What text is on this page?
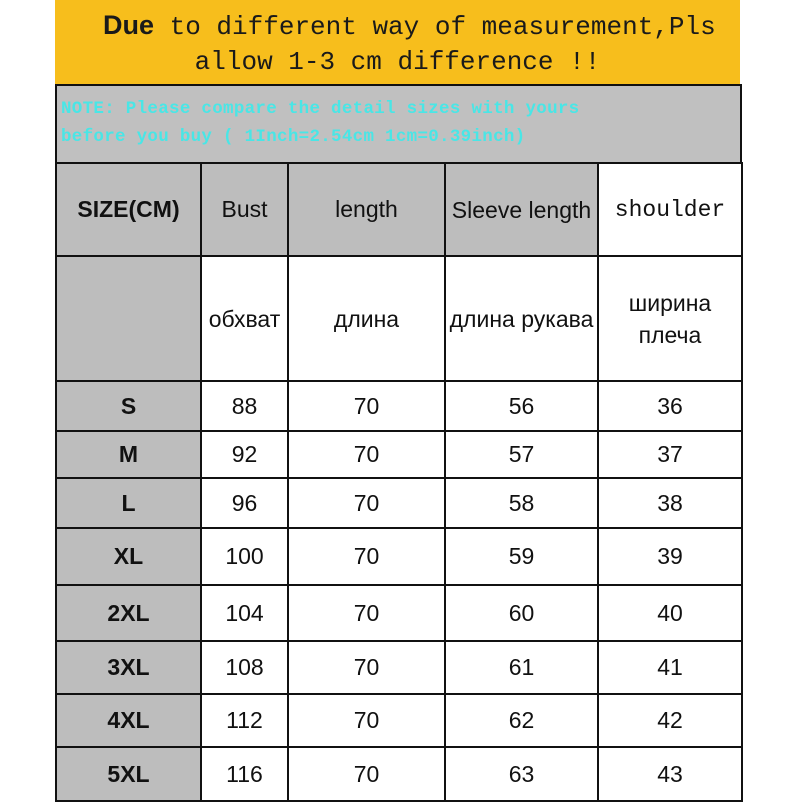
Due to different way of measurement,Pls
allow 1-3 cm difference !!
NOTE: Please compare the detail sizes with yours
before you buy ( 1Inch=2.54cm 1cm=0.39inch)
SIZE(CM)	Bust	length	Sleeve length	shoulder
	обхват	длина	длина рукава	ширина плеча
S	88	70	56	36
M	92	70	57	37
L	96	70	58	38
XL	100	70	59	39
2XL	104	70	60	40
3XL	108	70	61	41
4XL	112	70	62	42
5XL	116	70	63	43
